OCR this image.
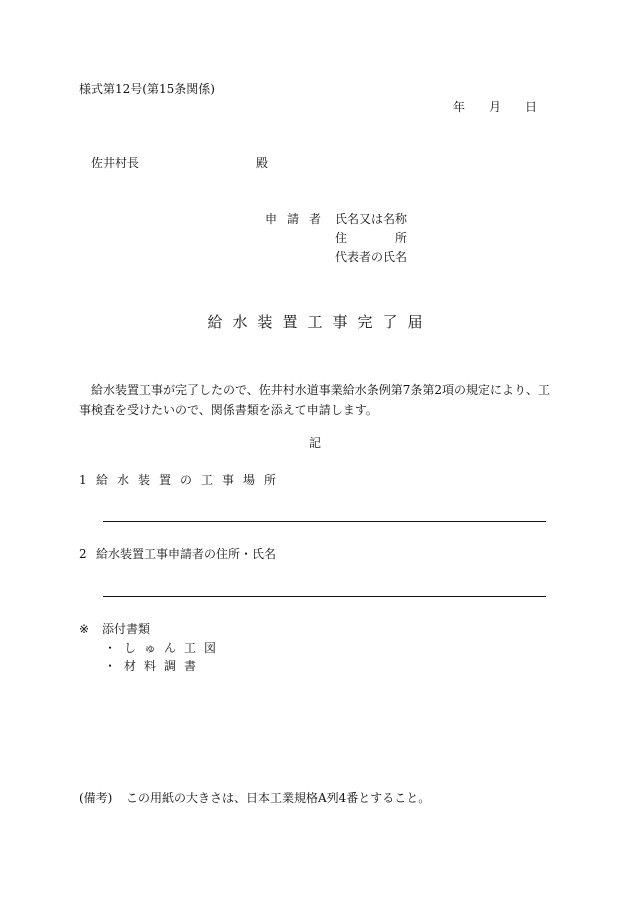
様式第12号(第15条関係)
年 月 日
佐井村長	殿
申請者 氏名又は名称
住	所
代表者の氏名
給水装置工事完了届
給水装置工事が完了したので、佐井村水道事業給水条例第7条第2項の規定により、工事検査を受けたいので、関係書類を添えて申請します。
記
1 給水装置の工事場所
2 給水装置工事申請者の住所・氏名
※ 添付書類
・しゅん工図
・材料調書
(備考) この用紙の大きさは、日本工業規格A列4番とすること。
